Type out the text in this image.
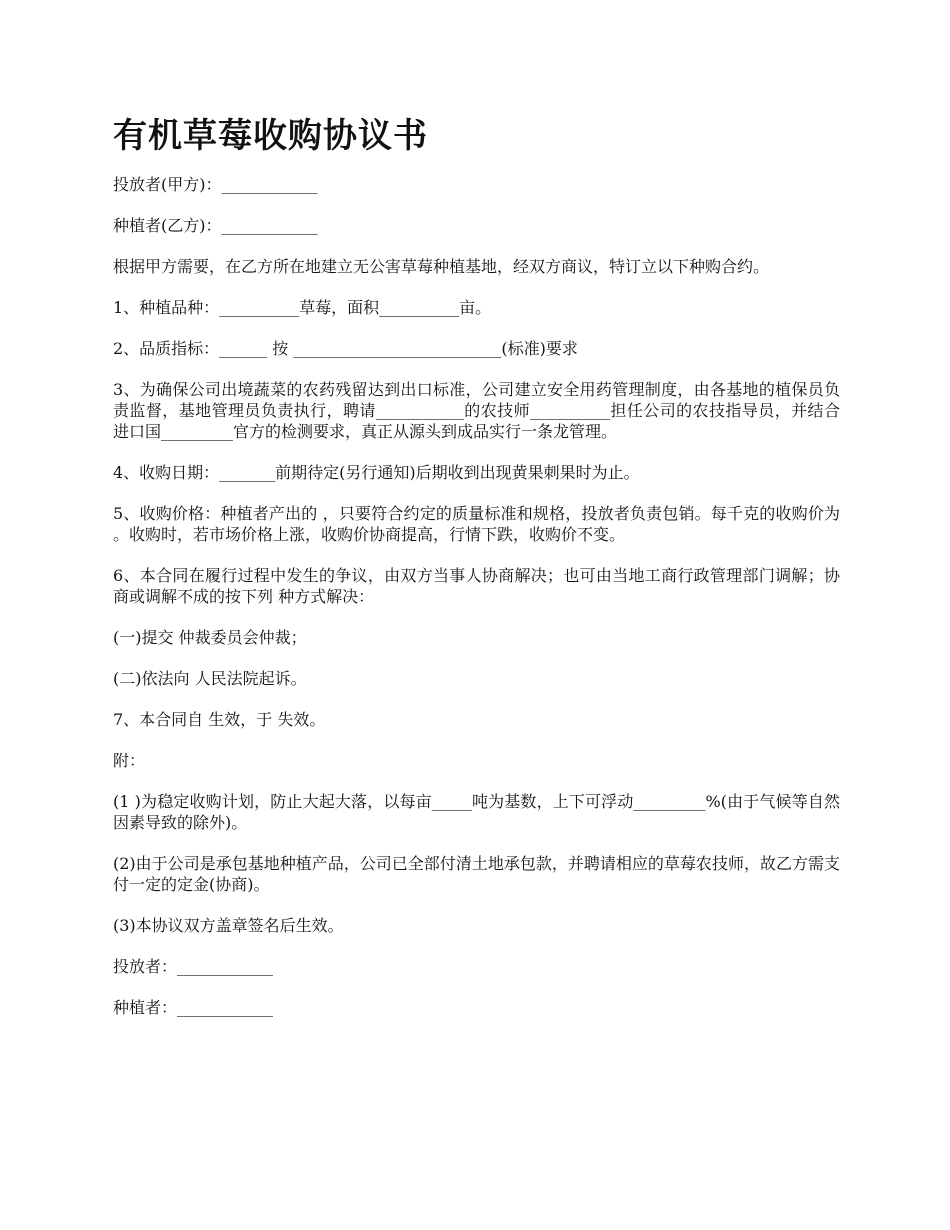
有机草莓收购协议书

投放者(甲方)：____________

种植者(乙方)：____________

根据甲方需要，在乙方所在地建立无公害草莓种植基地，经双方商议，特订立以下种购合约。

1、种植品种：__________草莓，面积__________亩。

2、品质指标：______ 按 __________________________(标准)要求

3、为确保公司出境蔬菜的农药残留达到出口标准，公司建立安全用药管理制度，由各基地的植保员负责监督，基地管理员负责执行，聘请___________的农技师__________担任公司的农技指导员，并结合进口国_________官方的检测要求，真正从源头到成品实行一条龙管理。

4、收购日期：_______前期待定(另行通知)后期收到出现黄果刺果时为止。

5、收购价格：种植者产出的 ，只要符合约定的质量标准和规格，投放者负责包销。每千克的收购价为 。收购时，若市场价格上涨，收购价协商提高，行情下跌，收购价不变。

6、本合同在履行过程中发生的争议，由双方当事人协商解决；也可由当地工商行政管理部门调解；协商或调解不成的按下列 种方式解决：

(一)提交 仲裁委员会仲裁；

(二)依法向 人民法院起诉。

7、本合同自 生效，于 失效。

附：

(1 )为稳定收购计划，防止大起大落，以每亩_____吨为基数，上下可浮动_________%(由于气候等自然因素导致的除外)。

(2)由于公司是承包基地种植产品，公司已全部付清土地承包款，并聘请相应的草莓农技师，故乙方需支付一定的定金(协商)。

(3)本协议双方盖章签名后生效。

投放者：____________

种植者：____________
